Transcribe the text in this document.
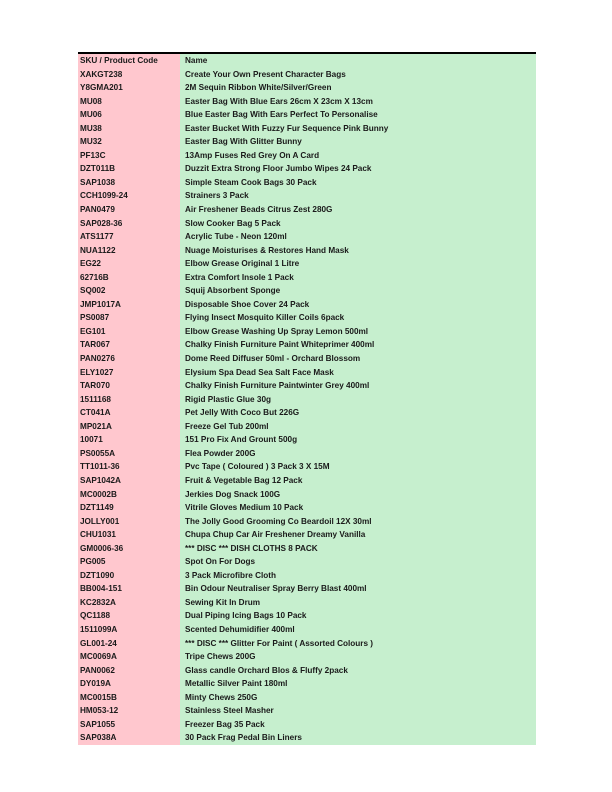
SKU / Product Code	Name
XAKGT238	Create Your Own Present Character Bags
Y8GMA201	2M Sequin Ribbon White/Silver/Green
MU08	Easter Bag With Blue Ears 26cm X 23cm X 13cm
MU06	Blue Easter Bag With Ears Perfect To Personalise
MU38	Easter Bucket With Fuzzy Fur Sequence Pink Bunny
MU32	Easter Bag With Glitter Bunny
PF13C	13Amp Fuses Red Grey On A Card
DZT011B	Duzzit Extra Strong Floor Jumbo Wipes 24 Pack
SAP1038	Simple Steam Cook Bags 30 Pack
CCH1099-24	Strainers 3 Pack
PAN0479	Air Freshener Beads Citrus Zest 280G
SAP028-36	Slow Cooker Bag 5 Pack
ATS1177	Acrylic Tube - Neon 120ml
NUA1122	Nuage Moisturises & Restores Hand Mask
EG22	Elbow Grease Original 1 Litre
62716B	Extra Comfort Insole 1 Pack
SQ002	Squij Absorbent Sponge
JMP1017A	Disposable Shoe Cover 24 Pack
PS0087	Flying Insect Mosquito Killer Coils 6pack
EG101	Elbow Grease Washing Up Spray Lemon 500ml
TAR067	Chalky Finish Furniture Paint Whiteprimer 400ml
PAN0276	Dome Reed Diffuser 50ml - Orchard Blossom
ELY1027	Elysium Spa Dead Sea Salt Face Mask
TAR070	Chalky Finish Furniture Paintwinter Grey 400ml
1511168	Rigid Plastic Glue 30g
CT041A	Pet Jelly With Coco But 226G
MP021A	Freeze Gel Tub 200ml
10071	151 Pro Fix And Grount 500g
PS0055A	Flea Powder 200G
TT1011-36	Pvc Tape ( Coloured ) 3 Pack 3 X 15M
SAP1042A	Fruit & Vegetable Bag 12 Pack
MC0002B	Jerkies Dog Snack 100G
DZT1149	Vitrile Gloves Medium 10 Pack
JOLLY001	The Jolly Good Grooming Co Beardoil 12X 30ml
CHU1031	Chupa Chup Car Air Freshener Dreamy Vanilla
GM0006-36	*** DISC *** DISH CLOTHS 8 PACK
PG005	Spot On For Dogs
DZT1090	3 Pack Microfibre Cloth
BB004-151	Bin Odour Neutraliser Spray Berry Blast 400ml
KC2832A	Sewing Kit In Drum
QC1188	Dual Piping Icing Bags 10 Pack
1511099A	Scented Dehumidifier 400ml
GL001-24	*** DISC *** Glitter For Paint ( Assorted Colours )
MC0069A	Tripe Chews 200G
PAN0062	Glass candle Orchard Blos & Fluffy 2pack
DY019A	Metallic Silver Paint 180ml
MC0015B	Minty Chews 250G
HM053-12	Stainless Steel Masher
SAP1055	Freezer Bag 35 Pack
SAP038A	30 Pack Frag Pedal Bin Liners
